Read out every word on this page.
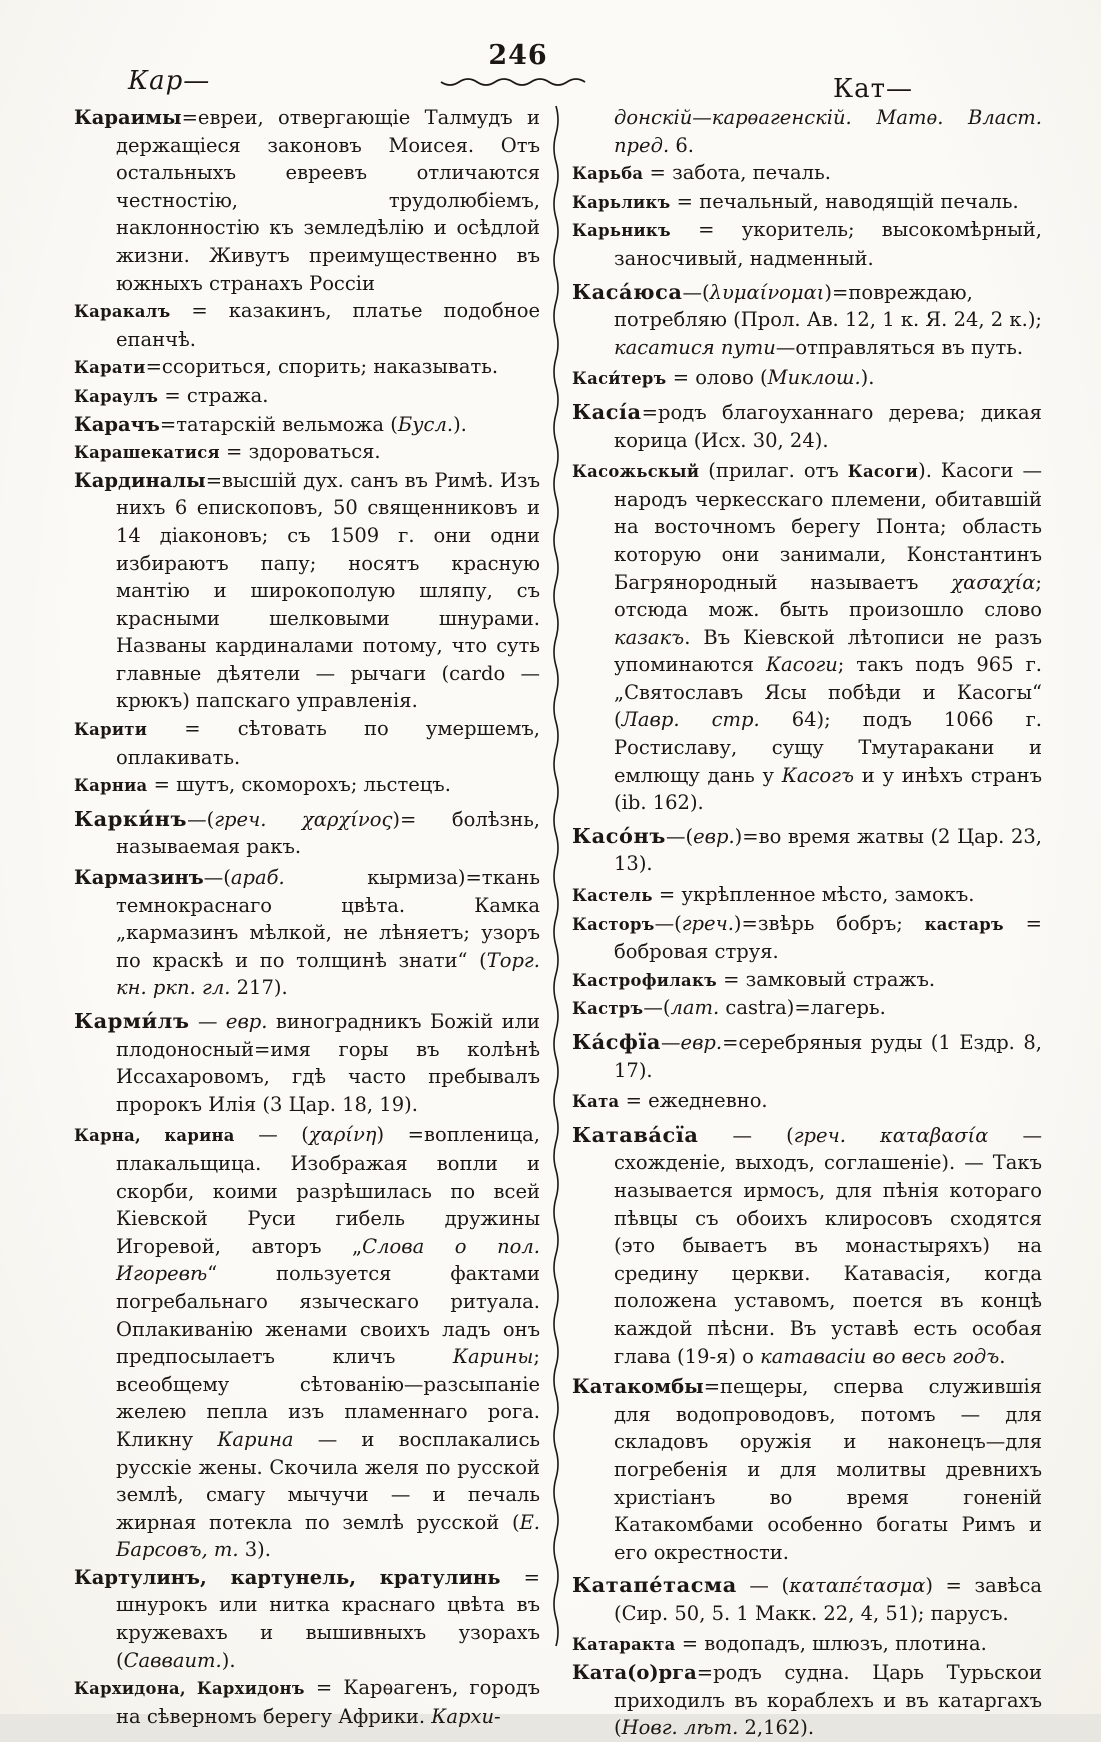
246
Кар—	Кат—

Караимы=евреи, отвергающіе Талмудъ и держащіеся законовъ Моисея. Отъ остальныхъ евреевъ отличаются честностію, трудолюбіемъ, наклонностію къ земледѣлію и осѣдлой жизни. Живутъ преимущественно въ южныхъ странахъ Россіи

Каракалъ = казакинъ, платье подобное епанчѣ.

Карати=ссориться, спорить; наказывать.

Караулъ = стража.

Карачъ=татарскій вельможа (Бусл.).

Карашекатися = здороваться.

Кардиналы=высшій дух. санъ въ Римѣ. Изъ нихъ 6 епископовъ, 50 священниковъ и 14 діаконовъ; съ 1509 г. они одни избираютъ папу; носятъ красную мантію и широкополую шляпу, съ красными шелковыми шнурами. Названы кардиналами потому, что суть главные дѣятели — рычаги (cardo — крюкъ) папскаго управленія.

Карити = сѣтовать по умершемъ, оплакивать.

Карниа = шутъ, скоморохъ; льстецъ.

Карки́нъ—(греч. χαρχίνος)= болѣзнь, называемая ракъ.

Кармазинъ—(араб. кырмиза)=ткань темнокраснаго цвѣта. Камка „кармазинъ мѣлкой, не лѣняетъ; узоръ по краскѣ и по толщинѣ знати“ (Торг. кн. ркп. гл. 217).

Карми́лъ — евр. виноградникъ Божій или плодоносный=имя горы въ колѣнѣ Иссахаровомъ, гдѣ часто пребывалъ пророкъ Илія (3 Цар. 18, 19).

Карна, карина — (χαρίνη) =вопленица, плакальщица. Изображая вопли и скорби, коими разрѣшилась по всей Кіевской Руси гибель дружины Игоревой, авторъ „Слова о пол. Игоревѣ“ пользуется фактами погребальнаго языческаго ритуала. Оплакиванію женами своихъ ладъ онъ предпосылаетъ кличъ Карины; всеобщему сѣтованію—разсыпаніе желею пепла изъ пламеннаго рога. Кликну Карина — и восплакались русскіе жены. Скочила желя по русской землѣ, смагу мычучи — и печаль жирная потекла по землѣ русской (Е. Барсовъ, т. 3).

Картулинъ, картунель, кратулинь = шнурокъ или нитка краснаго цвѣта въ кружевахъ и вышивныхъ узорахъ (Савваит.).

Кархидона, Кархидонъ = Карѳагенъ, городъ на сѣверномъ берегу Африки. Кархи-

донскій—карѳагенскій. Матѳ. Власт. пред. 6.

Карьба = забота, печаль.

Карьликъ = печальный, наводящій печаль.

Карьникъ = укоритель; высокомѣрный, заносчивый, надменный.

Каса́юса—(λυμαίνομαι)=повреждаю, потребляю (Прол. Ав. 12, 1 к. Я. 24, 2 к.); касатися пути—отправляться въ путь.

Каси́теръ = олово (Миклош.).

Касі́а=родъ благоуханнаго дерева; дикая корица (Исх. 30, 24).

Касожьскый (прилаг. отъ Касоги). Касоги — народъ черкесскаго племени, обитавшій на восточномъ берегу Понта; область которую они занимали, Константинъ Багрянородный называетъ χασαχία; отсюда мож. быть произошло слово казакъ. Въ Кіевской лѣтописи не разъ упоминаются Касоги; такъ подъ 965 г. „Святославъ Ясы побѣди и Касогы“ (Лавр. стр. 64); подъ 1066 г. Ростиславу, сущу Тмутаракани и емлющу дань у Касогъ и у инѣхъ странъ (ib. 162).

Касо́нъ—(евр.)=во время жатвы (2 Цар. 23, 13).

Кастель = укрѣпленное мѣсто, замокъ.

Касторъ—(греч.)=звѣрь бобръ; кастаръ = бобровая струя.

Кастрофилакъ = замковый стражъ.

Кастръ—(лат. castra)=лагерь.

Ка́сфїа—евр.=серебряныя руды (1 Ездр. 8, 17).

Ката = ежедневно.

Катава́сїа — (греч. καταβασία — схожденіе, выходъ, соглашеніе). — Такъ называется ирмосъ, для пѣнія котораго пѣвцы съ обоихъ клиросовъ сходятся (это бываетъ въ монастыряхъ) на средину церкви. Катавасія, когда положена уставомъ, поется въ концѣ каждой пѣсни. Въ уставѣ есть особая глава (19-я) о катавасіи во весь годъ.

Катакомбы=пещеры, сперва служившія для водопроводовъ, потомъ — для складовъ оружія и наконецъ—для погребенія и для молитвы древнихъ христіанъ во время гоненій Катакомбами особенно богаты Римъ и его окрестности.

Катапе́тасма — (καταπέτασμα) = завѣса (Сир. 50, 5. 1 Макк. 22, 4, 51); парусъ.

Катаракта = водопадъ, шлюзъ, плотина.

Ката(о)рга=родъ судна. Царь Турьскои приходилъ въ кораблехъ и въ катаргахъ (Новг. лѣт. 2,162).
